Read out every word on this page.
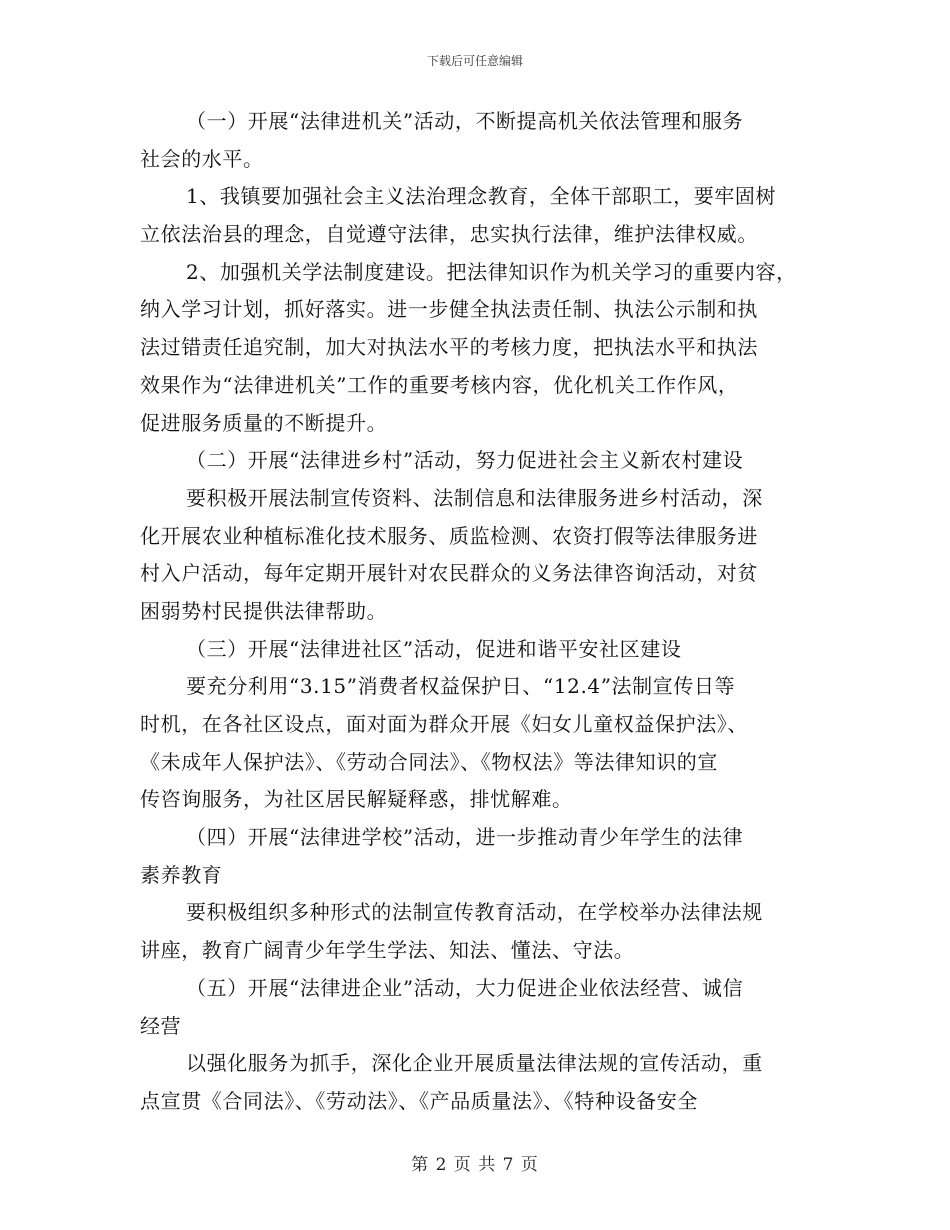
下载后可任意编辑
（一）开展“法律进机关”活动，不断提高机关依法管理和服务
社会的水平。
1、我镇要加强社会主义法治理念教育，全体干部职工，要牢固树
立依法治县的理念，自觉遵守法律，忠实执行法律，维护法律权威。
2、加强机关学法制度建设。把法律知识作为机关学习的重要内容，
纳入学习计划，抓好落实。进一步健全执法责任制、执法公示制和执
法过错责任追究制，加大对执法水平的考核力度，把执法水平和执法
效果作为“法律进机关”工作的重要考核内容，优化机关工作作风，
促进服务质量的不断提升。
（二）开展“法律进乡村”活动，努力促进社会主义新农村建设
要积极开展法制宣传资料、法制信息和法律服务进乡村活动，深
化开展农业种植标准化技术服务、质监检测、农资打假等法律服务进
村入户活动，每年定期开展针对农民群众的义务法律咨询活动，对贫
困弱势村民提供法律帮助。
（三）开展“法律进社区”活动，促进和谐平安社区建设
要充分利用“3.15”消费者权益保护日、“12.4”法制宣传日等
时机，在各社区设点，面对面为群众开展《妇女儿童权益保护法》、
《未成年人保护法》、《劳动合同法》、《物权法》等法律知识的宣
传咨询服务，为社区居民解疑释惑，排忧解难。
（四）开展“法律进学校”活动，进一步推动青少年学生的法律
素养教育
要积极组织多种形式的法制宣传教育活动，在学校举办法律法规
讲座，教育广阔青少年学生学法、知法、懂法、守法。
（五）开展“法律进企业”活动，大力促进企业依法经营、诚信
经营
以强化服务为抓手，深化企业开展质量法律法规的宣传活动，重
点宣贯《合同法》、《劳动法》、《产品质量法》、《特种设备安全
第 2 页 共 7 页
